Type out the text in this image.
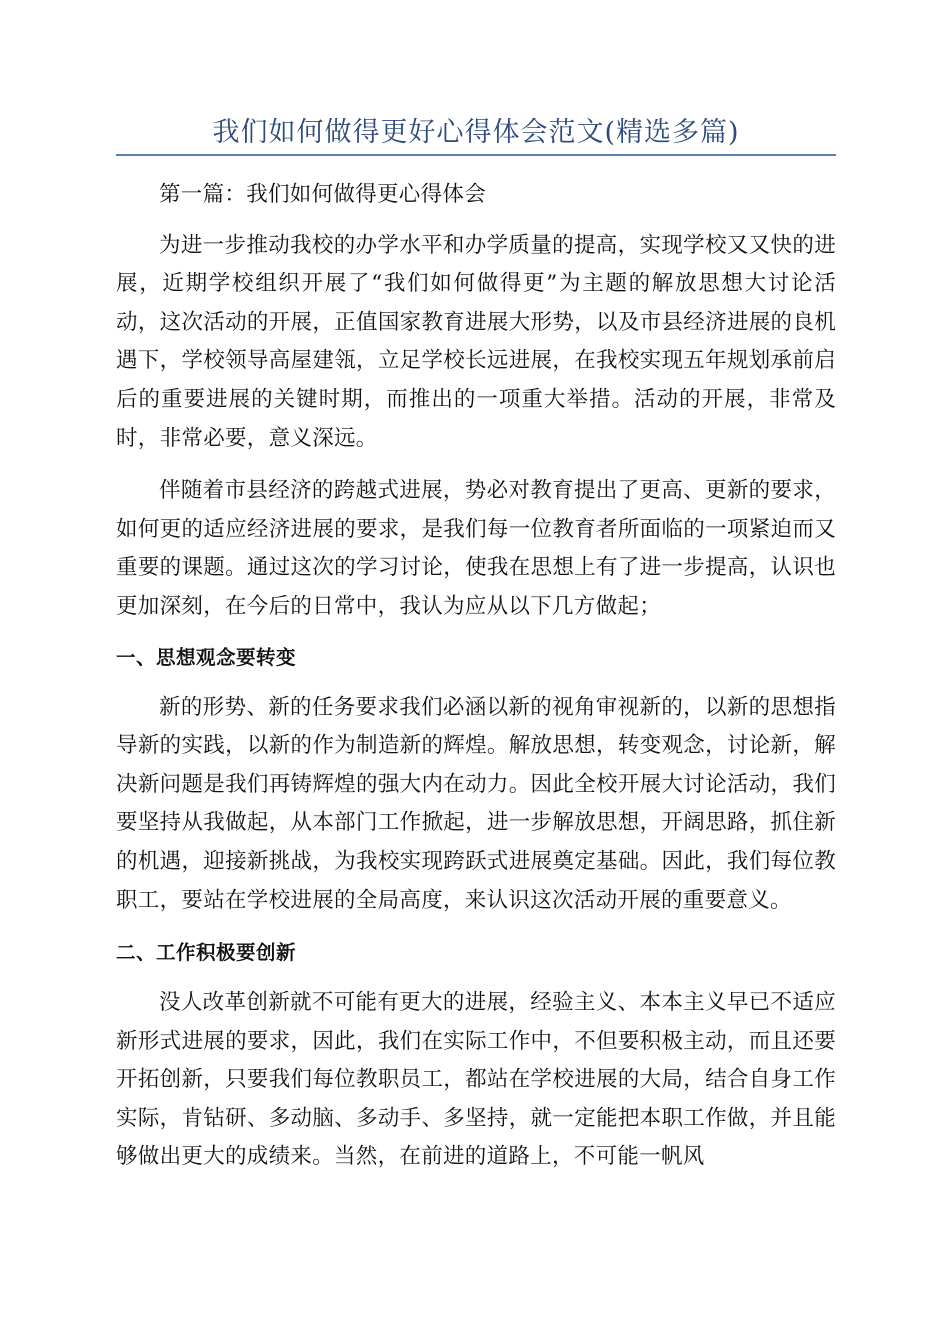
我们如何做得更好心得体会范文(精选多篇)

第一篇：我们如何做得更心得体会

为进一步推动我校的办学水平和办学质量的提高，实现学校又又快的进展，近期学校组织开展了“我们如何做得更”为主题的解放思想大讨论活动，这次活动的开展，正值国家教育进展大形势，以及市县经济进展的良机遇下，学校领导高屋建瓴，立足学校长远进展，在我校实现五年规划承前启后的重要进展的关键时期，而推出的一项重大举措。活动的开展，非常及时，非常必要，意义深远。

伴随着市县经济的跨越式进展，势必对教育提出了更高、更新的要求，如何更的适应经济进展的要求，是我们每一位教育者所面临的一项紧迫而又重要的课题。通过这次的学习讨论，使我在思想上有了进一步提高，认识也更加深刻，在今后的日常中，我认为应从以下几方做起；

一、思想观念要转变

新的形势、新的任务要求我们必涵以新的视角审视新的，以新的思想指导新的实践，以新的作为制造新的辉煌。解放思想，转变观念，讨论新，解决新问题是我们再铸辉煌的强大内在动力。因此全校开展大讨论活动，我们要坚持从我做起，从本部门工作掀起，进一步解放思想，开阔思路，抓住新的机遇，迎接新挑战，为我校实现跨跃式进展奠定基础。因此，我们每位教职工，要站在学校进展的全局高度，来认识这次活动开展的重要意义。

二、工作积极要创新

没人改革创新就不可能有更大的进展，经验主义、本本主义早已不适应新形式进展的要求，因此，我们在实际工作中，不但要积极主动，而且还要开拓创新，只要我们每位教职员工，都站在学校进展的大局，结合自身工作实际，肯钻研、多动脑、多动手、多坚持，就一定能把本职工作做，并且能够做出更大的成绩来。当然，在前进的道路上，不可能一帆风
